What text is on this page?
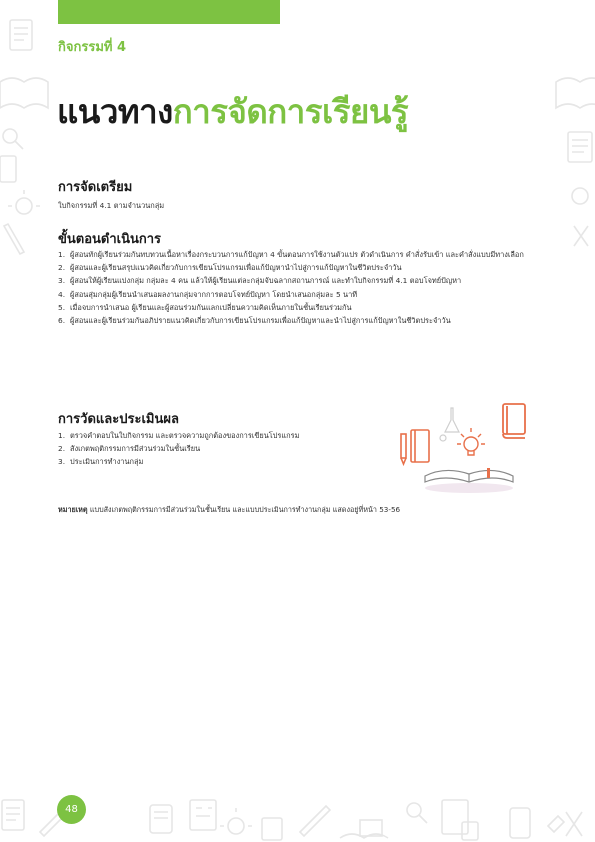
กิจกรรมที่ 4
แนวทางการจัดการเรียนรู้
การจัดเตรียม

ใบกิจกรรมที่ 4.1 ตามจำนวนกลุ่ม

ขั้นตอนดำเนินการ
1. ผู้สอนทักผู้เรียนร่วมกันทบทวนเนื้อหาเรื่องกระบวนการแก้ปัญหา 4 ขั้นตอนการใช้งานตัวแปร ตัวดำเนินการ คำสั่งรับเข้า และคำสั่งแบบมีทางเลือก
2. ผู้สอนและผู้เรียนสรุปแนวคิดเกี่ยวกับการเขียนโปรแกรมเพื่อแก้ปัญหานำไปสู่การแก้ปัญหาในชีวิตประจำวัน
3. ผู้สอนให้ผู้เรียนแบ่งกลุ่ม กลุ่มละ 4 คน แล้วให้ผู้เรียนแต่ละกลุ่มจับฉลากสถานการณ์ และทำใบกิจกรรมที่ 4.1 ตอบโจทย์ปัญหา
4. ผู้สอนสุ่มกลุ่มผู้เรียนนำเสนอผลงานกลุ่มจากการตอบโจทย์ปัญหา โดยนำเสนอกลุ่มละ 5 นาที
5. เมื่อจบการนำเสนอ ผู้เรียนและผู้สอนร่วมกันแลกเปลี่ยนความคิดเห็นภายในชั้นเรียนร่วมกัน
6. ผู้สอนและผู้เรียนร่วมกันอภิปรายแนวคิดเกี่ยวกับการเขียนโปรแกรมเพื่อแก้ปัญหาและนำไปสู่การแก้ปัญหาในชีวิตประจำวัน
การวัดและประเมินผล
1. ตรวจคำตอบในใบกิจกรรม และตรวจความถูกต้องของการเขียนโปรแกรม
2. สังเกตพฤติกรรมการมีส่วนร่วมในชั้นเรียน
3. ประเมินการทำงานกลุ่ม

หมายเหตุ แบบสังเกตพฤติกรรมการมีส่วนร่วมในชั้นเรียน และแบบประเมินการทำงานกลุ่ม แสดงอยู่ที่หน้า 53-56

48
